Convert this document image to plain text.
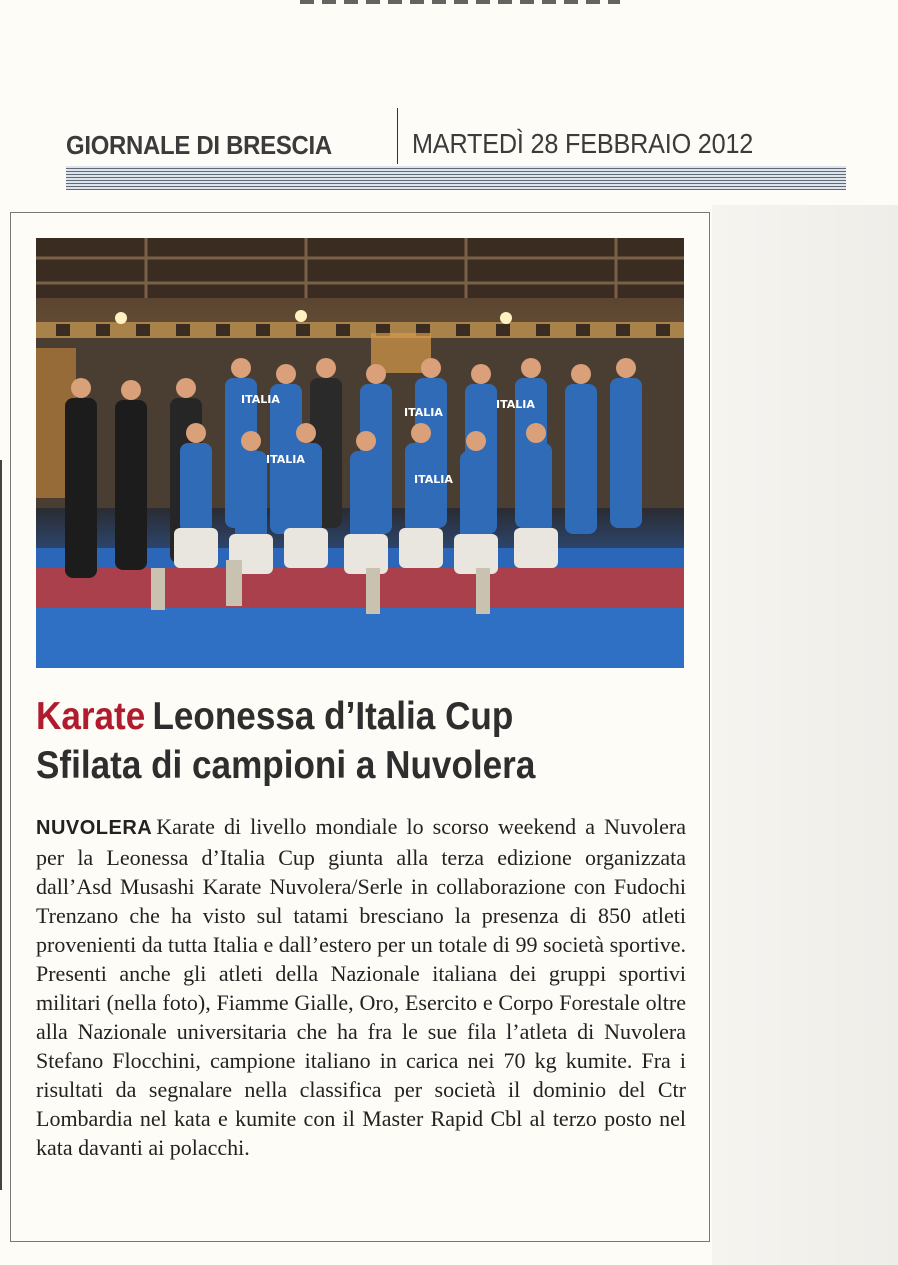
GIORNALE DI BRESCIA	MARTEDÌ 28 FEBBRAIO 2012
ITALIA	ITALIA
ITALIA
ITALIA
ITALIA
Karate Leonessa d’Italia Cup
Sfilata di campioni a Nuvolera
NUVOLERA Karate di livello mondiale lo scorso weekend a Nuvolera per la Leonessa d’Italia Cup giunta alla terza edizione organizzata dall’Asd Musashi Karate Nuvolera/Serle in collaborazione con Fudochi Trenzano che ha visto sul tatami bresciano la presenza di 850 atleti provenienti da tutta Italia e dall’estero per un totale di 99 società sportive. Presenti anche gli atleti della Nazionale italiana dei gruppi sportivi militari (nella foto), Fiamme Gialle, Oro, Esercito e Corpo Forestale oltre alla Nazionale universitaria che ha fra le sue fila l’atleta di Nuvolera Stefano Flocchini, campione italiano in carica nei 70 kg kumite. Fra i risultati da segnalare nella classifica per società il dominio del Ctr Lombardia nel kata e kumite con il Master Rapid Cbl al terzo posto nel kata davanti ai polacchi.
